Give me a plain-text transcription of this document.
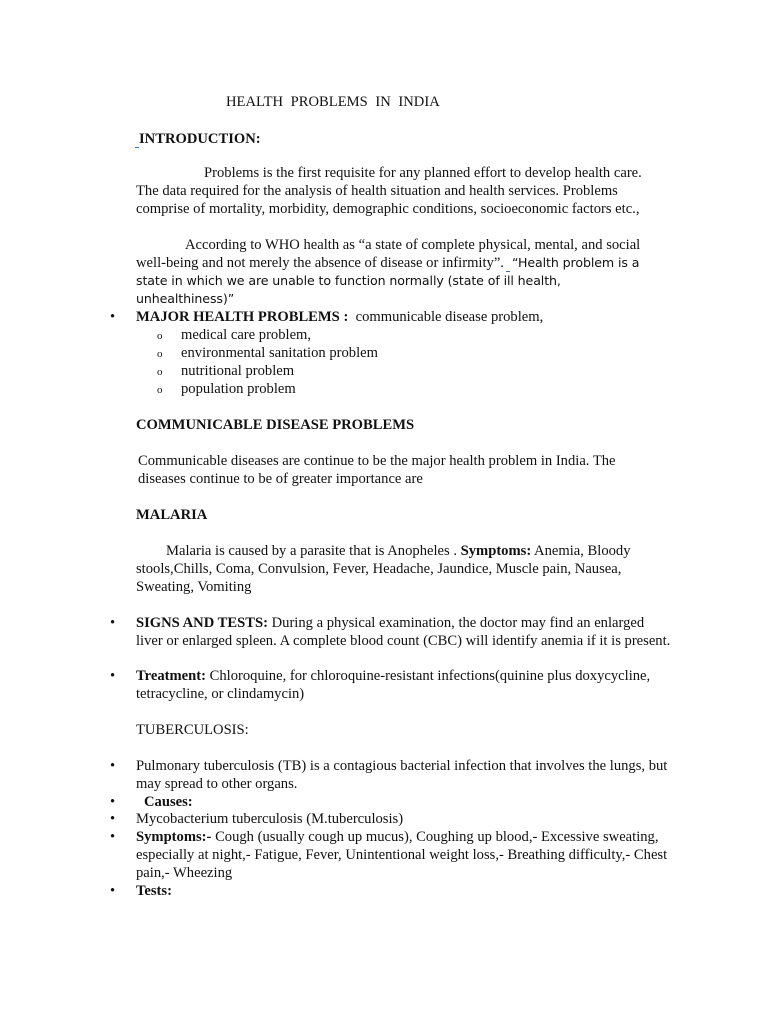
HEALTH PROBLEMS IN INDIA
INTRODUCTION:

Problems is the first requisite for any planned effort to develop health care. The data required for the analysis of health situation and health services. Problems comprise of mortality, morbidity, demographic conditions, socioeconomic factors etc.,

According to WHO health as “a state of complete physical, mental, and social well-being and not merely the absence of disease or infirmity”. “Health problem is a state in which we are unable to function normally (state of ill health, unhealthiness)”

• MAJOR HEALTH PROBLEMS : communicable disease problem,
o medical care problem,
o environmental sanitation problem
o nutritional problem
o population problem
COMMUNICABLE DISEASE PROBLEMS

Communicable diseases are continue to be the major health problem in India. The diseases continue to be of greater importance are

MALARIA

Malaria is caused by a parasite that is Anopheles . Symptoms: Anemia, Bloody stools,Chills, Coma, Convulsion, Fever, Headache, Jaundice, Muscle pain, Nausea, Sweating, Vomiting

• SIGNS AND TESTS: During a physical examination, the doctor may find an enlarged liver or enlarged spleen. A complete blood count (CBC) will identify anemia if it is present.
• Treatment: Chloroquine, for chloroquine-resistant infections(quinine plus doxycycline, tetracycline, or clindamycin)
TUBERCULOSIS:
• Pulmonary tuberculosis (TB) is a contagious bacterial infection that involves the lungs, but may spread to other organs.
• Causes:
• Mycobacterium tuberculosis (M.tuberculosis)
• Symptoms:- Cough (usually cough up mucus), Coughing up blood,- Excessive sweating, especially at night,- Fatigue, Fever, Unintentional weight loss,- Breathing difficulty,- Chest pain,- Wheezing
• Tests:
